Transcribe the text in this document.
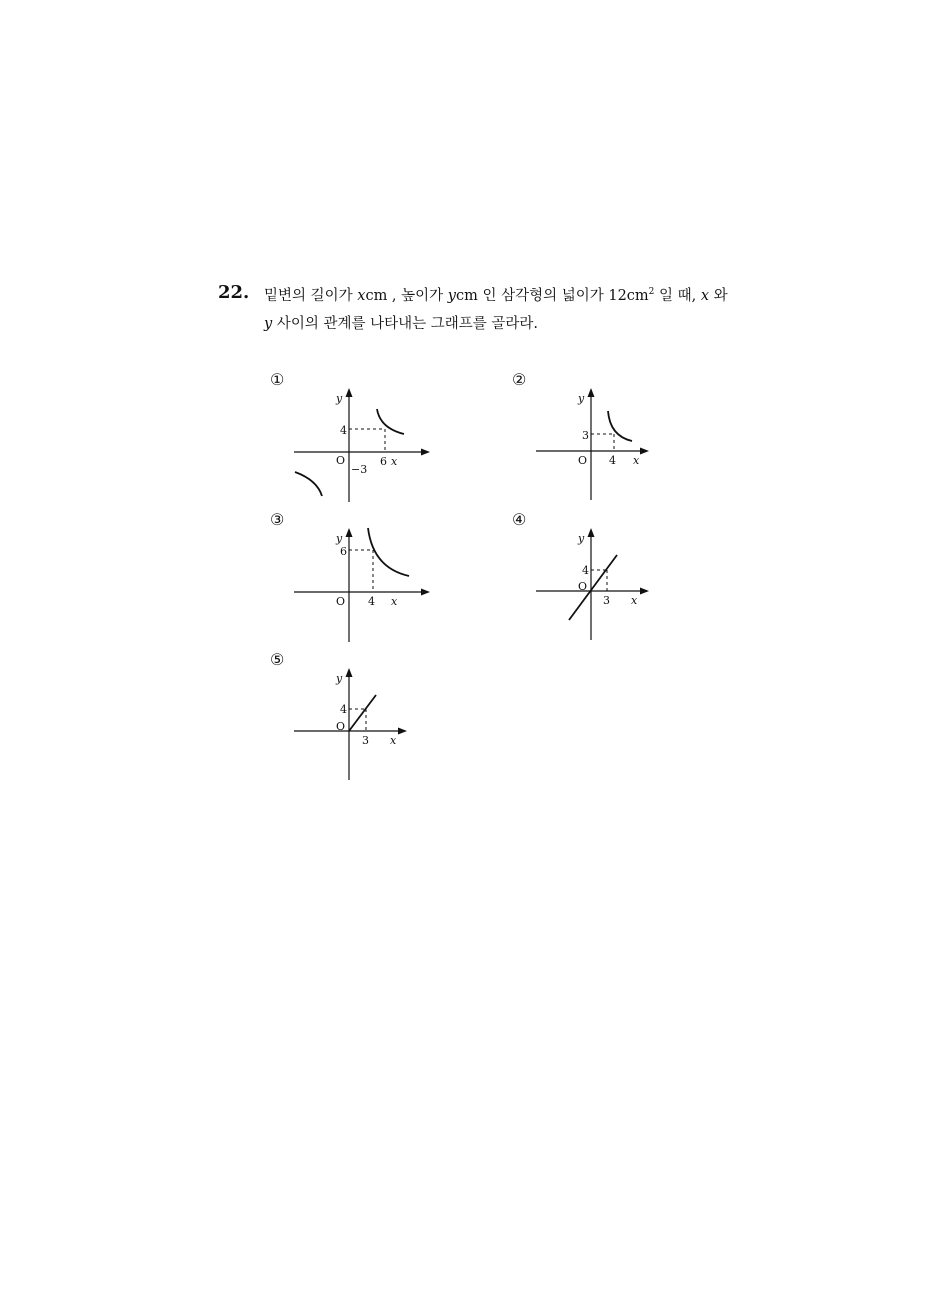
22. 밑변의 길이가 xcm , 높이가 ycm 인 삼각형의 넓이가 $12cm^2$ 일 때, x 와
y 사이의 관계를 나타내는 그래프를 골라라.
①
4
6
O
−3
x
y
②
3
4
O	x
y
③
6
4
O	x
y
④
4
3
O
x
y
⑤
4
3
O
x
y
